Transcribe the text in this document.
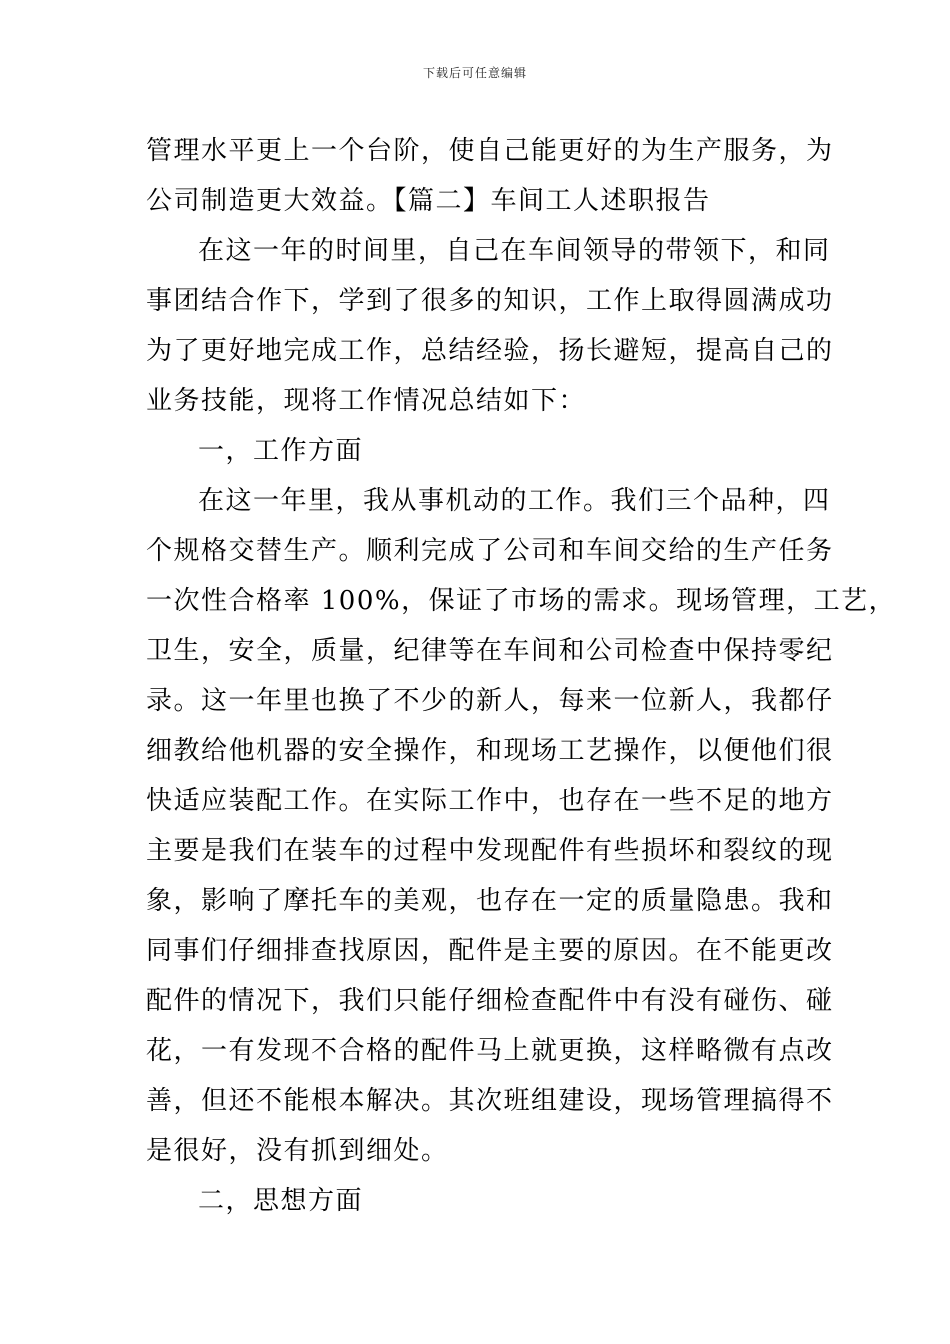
下载后可任意编辑
管理水平更上一个台阶，使自己能更好的为生产服务，为
公司制造更大效益。【篇二】车间工人述职报告
在这一年的时间里，自己在车间领导的带领下，和同
事团结合作下，学到了很多的知识，工作上取得圆满成功
为了更好地完成工作，总结经验，扬长避短，提高自己的
业务技能，现将工作情况总结如下：
一，工作方面
在这一年里，我从事机动的工作。我们三个品种，四
个规格交替生产。顺利完成了公司和车间交给的生产任务
一次性合格率 100%，保证了市场的需求。现场管理，工艺，
卫生，安全，质量，纪律等在车间和公司检查中保持零纪
录。这一年里也换了不少的新人，每来一位新人，我都仔
细教给他机器的安全操作，和现场工艺操作，以便他们很
快适应装配工作。在实际工作中，也存在一些不足的地方
主要是我们在装车的过程中发现配件有些损坏和裂纹的现
象，影响了摩托车的美观，也存在一定的质量隐患。我和
同事们仔细排查找原因，配件是主要的原因。在不能更改
配件的情况下，我们只能仔细检查配件中有没有碰伤、碰
花，一有发现不合格的配件马上就更换，这样略微有点改
善，但还不能根本解决。其次班组建设，现场管理搞得不
是很好，没有抓到细处。
二，思想方面
